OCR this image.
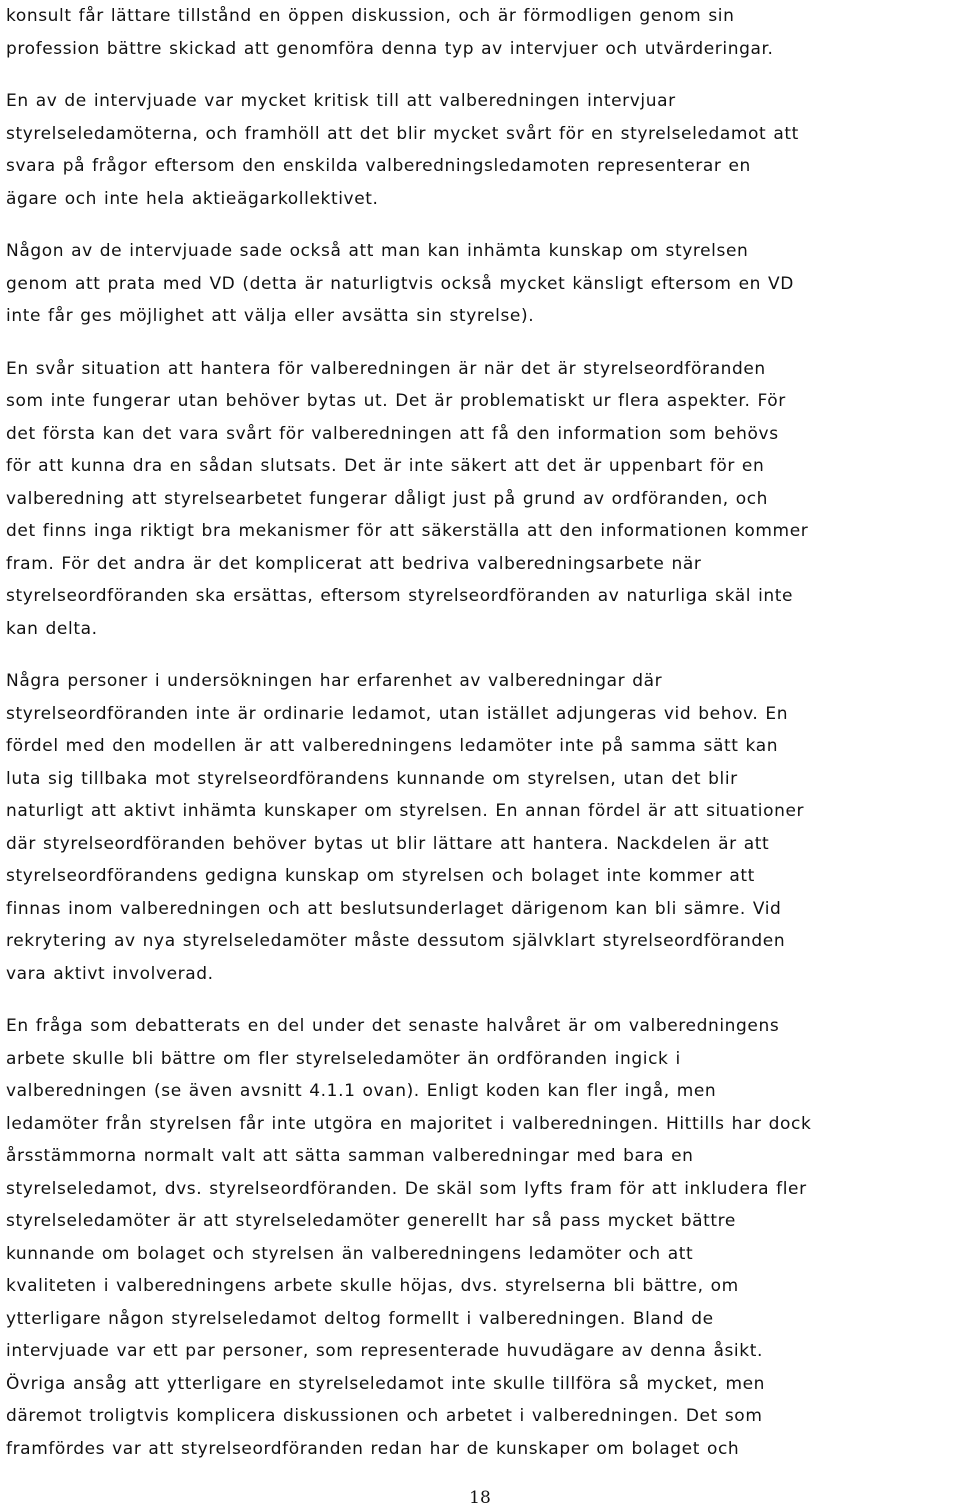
konsult får lättare tillstånd en öppen diskussion, och är förmodligen genom sin
profession bättre skickad att genomföra denna typ av intervjuer och utvärderingar.
En av de intervjuade var mycket kritisk till att valberedningen intervjuar
styrelseledamöterna, och framhöll att det blir mycket svårt för en styrelseledamot att
svara på frågor eftersom den enskilda valberedningsledamoten representerar en
ägare och inte hela aktieägarkollektivet.
Någon av de intervjuade sade också att man kan inhämta kunskap om styrelsen
genom att prata med VD (detta är naturligtvis också mycket känsligt eftersom en VD
inte får ges möjlighet att välja eller avsätta sin styrelse).
En svår situation att hantera för valberedningen är när det är styrelseordföranden
som inte fungerar utan behöver bytas ut. Det är problematiskt ur flera aspekter. För
det första kan det vara svårt för valberedningen att få den information som behövs
för att kunna dra en sådan slutsats. Det är inte säkert att det är uppenbart för en
valberedning att styrelsearbetet fungerar dåligt just på grund av ordföranden, och
det finns inga riktigt bra mekanismer för att säkerställa att den informationen kommer
fram. För det andra är det komplicerat att bedriva valberedningsarbete när
styrelseordföranden ska ersättas, eftersom styrelseordföranden av naturliga skäl inte
kan delta.
Några personer i undersökningen har erfarenhet av valberedningar där
styrelseordföranden inte är ordinarie ledamot, utan istället adjungeras vid behov. En
fördel med den modellen är att valberedningens ledamöter inte på samma sätt kan
luta sig tillbaka mot styrelseordförandens kunnande om styrelsen, utan det blir
naturligt att aktivt inhämta kunskaper om styrelsen. En annan fördel är att situationer
där styrelseordföranden behöver bytas ut blir lättare att hantera. Nackdelen är att
styrelseordförandens gedigna kunskap om styrelsen och bolaget inte kommer att
finnas inom valberedningen och att beslutsunderlaget därigenom kan bli sämre. Vid
rekrytering av nya styrelseledamöter måste dessutom självklart styrelseordföranden
vara aktivt involverad.
En fråga som debatterats en del under det senaste halvåret är om valberedningens
arbete skulle bli bättre om fler styrelseledamöter än ordföranden ingick i
valberedningen (se även avsnitt 4.1.1 ovan). Enligt koden kan fler ingå, men
ledamöter från styrelsen får inte utgöra en majoritet i valberedningen. Hittills har dock
årsstämmorna normalt valt att sätta samman valberedningar med bara en
styrelseledamot, dvs. styrelseordföranden. De skäl som lyfts fram för att inkludera fler
styrelseledamöter är att styrelseledamöter generellt har så pass mycket bättre
kunnande om bolaget och styrelsen än valberedningens ledamöter och att
kvaliteten i valberedningens arbete skulle höjas, dvs. styrelserna bli bättre, om
ytterligare någon styrelseledamot deltog formellt i valberedningen. Bland de
intervjuade var ett par personer, som representerade huvudägare av denna åsikt.
Övriga ansåg att ytterligare en styrelseledamot inte skulle tillföra så mycket, men
däremot troligtvis komplicera diskussionen och arbetet i valberedningen. Det som
framfördes var att styrelseordföranden redan har de kunskaper om bolaget och
18
